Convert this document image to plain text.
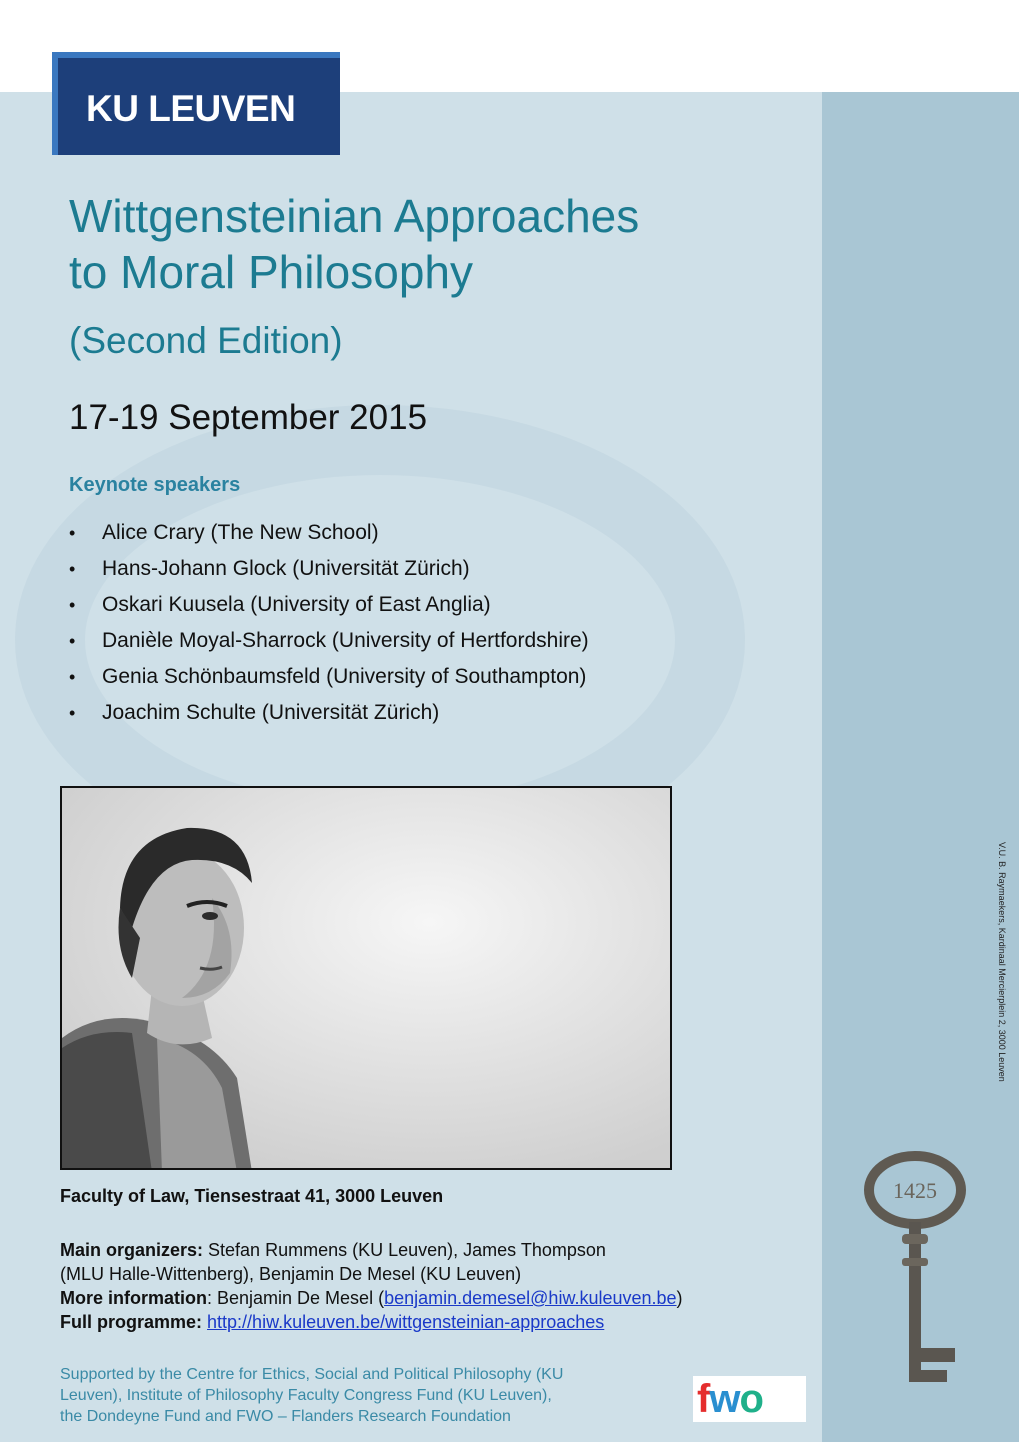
KU LEUVEN
Wittgensteinian Approaches
to Moral Philosophy
(Second Edition)
17-19 September 2015
Keynote speakers
• Alice Crary (The New School)
• Hans-Johann Glock (Universität Zürich)
• Oskari Kuusela (University of East Anglia)
• Danièle Moyal-Sharrock (University of Hertfordshire)
• Genia Schönbaumsfeld (University of Southampton)
• Joachim Schulte (Universität Zürich)
V.U. B. Raymaekers, Kardinaal Mercierplein 2, 3000 Leuven
Faculty of Law, Tiensestraat 41, 3000 Leuven
Main organizers: Stefan Rummens (KU Leuven), James Thompson
(MLU Halle-Wittenberg), Benjamin De Mesel (KU Leuven)
More information: Benjamin De Mesel (benjamin.demesel@hiw.kuleuven.be)
Full programme: http://hiw.kuleuven.be/wittgensteinian-approaches
Supported by the Centre for Ethics, Social and Political Philosophy (KU
Leuven), Institute of Philosophy Faculty Congress Fund (KU Leuven),
the Dondeyne Fund and FWO – Flanders Research Foundation
1425
fwo
